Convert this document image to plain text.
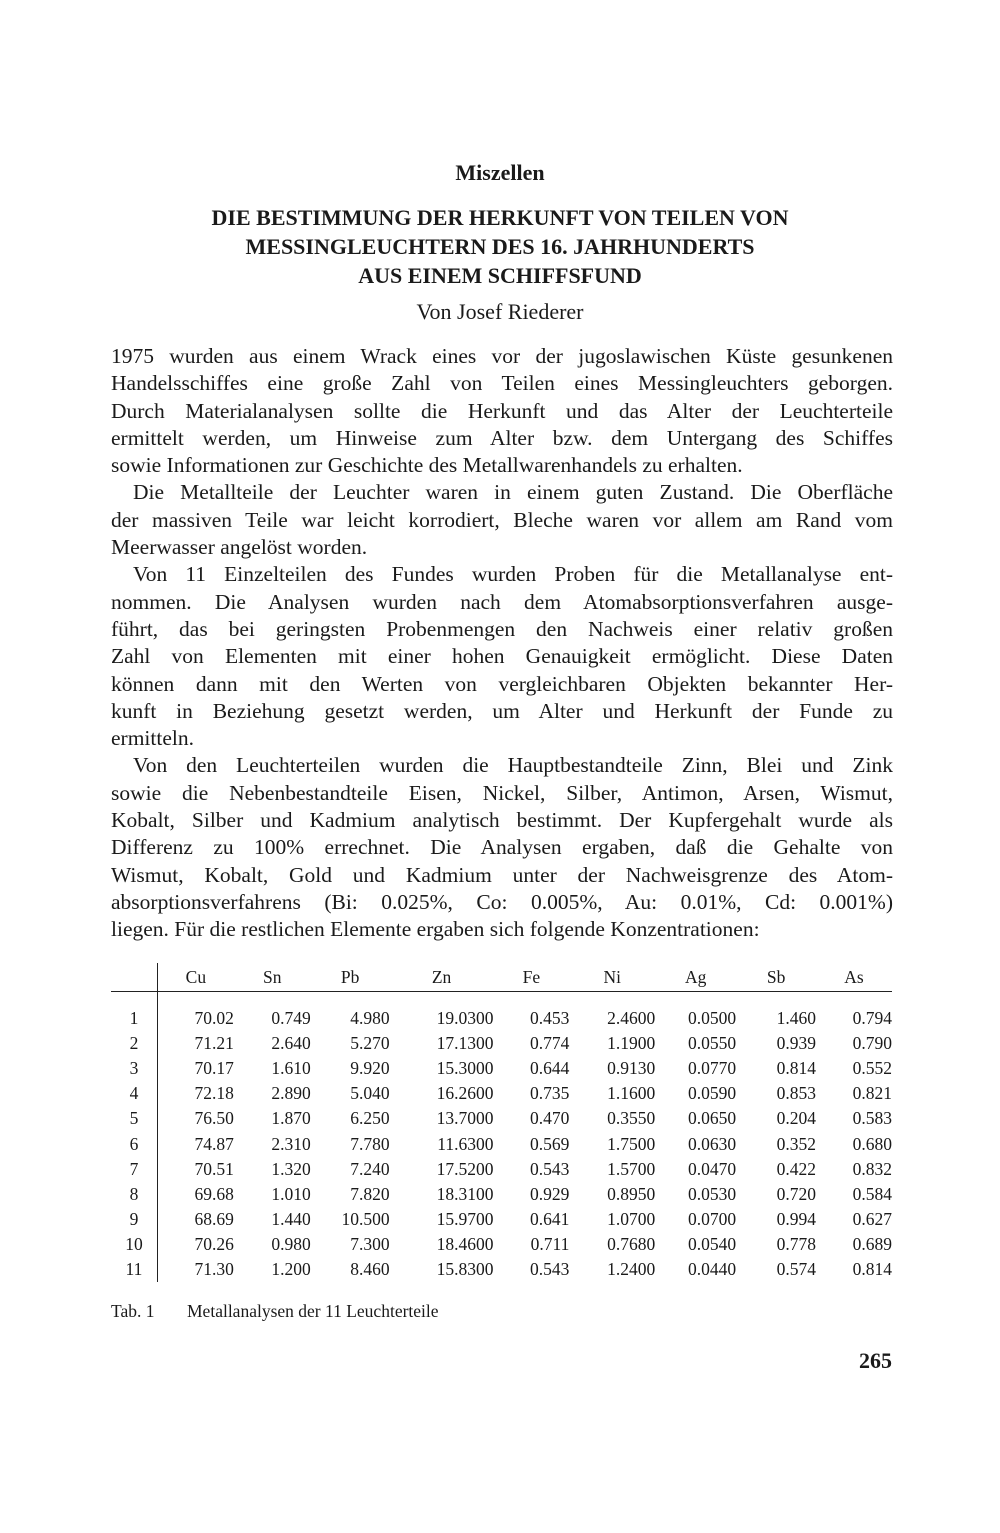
Miszellen
DIE BESTIMMUNG DER HERKUNFT VON TEILEN VON
MESSINGLEUCHTERN DES 16. JAHRHUNDERTS
AUS EINEM SCHIFFSFUND
Von Josef Riederer
1975 wurden aus einem Wrack eines vor der jugoslawischen Küste gesunkenen
Handelsschiffes eine große Zahl von Teilen eines Messingleuchters geborgen.
Durch Materialanalysen sollte die Herkunft und das Alter der Leuchterteile
ermittelt werden, um Hinweise zum Alter bzw. dem Untergang des Schiffes
sowie Informationen zur Geschichte des Metallwarenhandels zu erhalten.
Die Metallteile der Leuchter waren in einem guten Zustand. Die Oberfläche
der massiven Teile war leicht korrodiert, Bleche waren vor allem am Rand vom
Meerwasser angelöst worden.
Von 11 Einzelteilen des Fundes wurden Proben für die Metallanalyse ent-
nommen. Die Analysen wurden nach dem Atomabsorptionsverfahren ausge-
führt, das bei geringsten Probenmengen den Nachweis einer relativ großen
Zahl von Elementen mit einer hohen Genauigkeit ermöglicht. Diese Daten
können dann mit den Werten von vergleichbaren Objekten bekannter Her-
kunft in Beziehung gesetzt werden, um Alter und Herkunft der Funde zu
ermitteln.
Von den Leuchterteilen wurden die Hauptbestandteile Zinn, Blei und Zink
sowie die Nebenbestandteile Eisen, Nickel, Silber, Antimon, Arsen, Wismut,
Kobalt, Silber und Kadmium analytisch bestimmt. Der Kupfergehalt wurde als
Differenz zu 100% errechnet. Die Analysen ergaben, daß die Gehalte von
Wismut, Kobalt, Gold und Kadmium unter der Nachweisgrenze des Atom-
absorptionsverfahrens (Bi: 0.025%, Co: 0.005%, Au: 0.01%, Cd: 0.001%)
liegen. Für die restlichen Elemente ergaben sich folgende Konzentrationen:
	Cu	Sn	Pb	Zn	Fe	Ni	Ag	Sb	As
1	70.02	0.749	4.980	19.0300	0.453	2.4600	0.0500	1.460	0.794
2	71.21	2.640	5.270	17.1300	0.774	1.1900	0.0550	0.939	0.790
3	70.17	1.610	9.920	15.3000	0.644	0.9130	0.0770	0.814	0.552
4	72.18	2.890	5.040	16.2600	0.735	1.1600	0.0590	0.853	0.821
5	76.50	1.870	6.250	13.7000	0.470	0.3550	0.0650	0.204	0.583
6	74.87	2.310	7.780	11.6300	0.569	1.7500	0.0630	0.352	0.680
7	70.51	1.320	7.240	17.5200	0.543	1.5700	0.0470	0.422	0.832
8	69.68	1.010	7.820	18.3100	0.929	0.8950	0.0530	0.720	0.584
9	68.69	1.440	10.500	15.9700	0.641	1.0700	0.0700	0.994	0.627
10	70.26	0.980	7.300	18.4600	0.711	0.7680	0.0540	0.778	0.689
11	71.30	1.200	8.460	15.8300	0.543	1.2400	0.0440	0.574	0.814
Tab. 1 Metallanalysen der 11 Leuchterteile
265
